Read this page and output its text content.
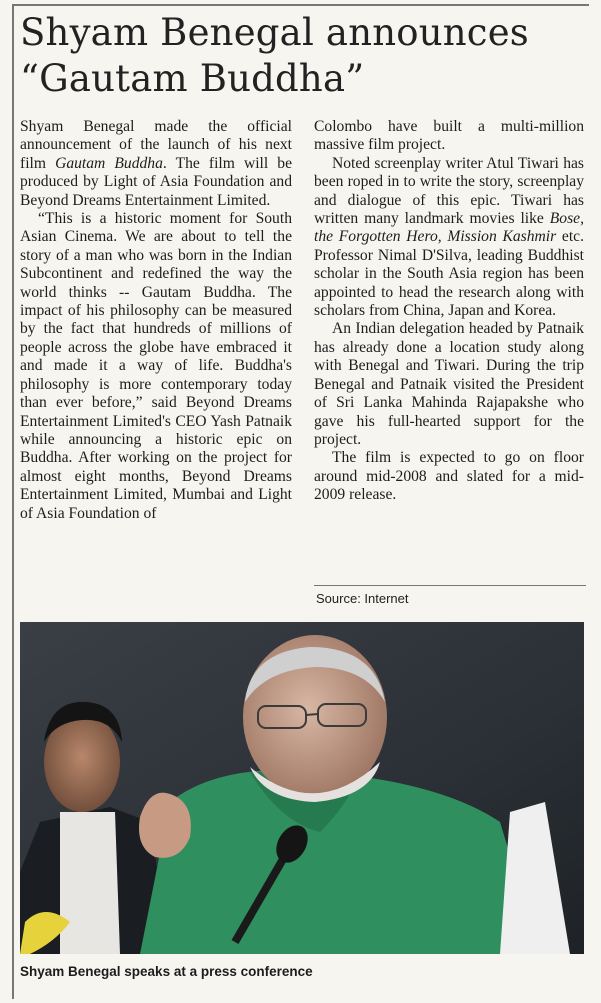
Shyam Benegal announces
“Gautam Buddha”

Shyam Benegal made the official announcement of the launch of his next film Gautam Buddha. The film will be produced by Light of Asia Foundation and Beyond Dreams Entertainment Limited.

“This is a historic moment for South Asian Cinema. We are about to tell the story of a man who was born in the Indian Subcontinent and redefined the way the world thinks -- Gautam Buddha. The impact of his philosophy can be measured by the fact that hundreds of millions of people across the globe have embraced it and made it a way of life. Buddha's philosophy is more contemporary today than ever before,” said Beyond Dreams Entertainment Limited's CEO Yash Patnaik while announcing a historic epic on Buddha. After working on the project for almost eight months, Beyond Dreams Entertainment Limited, Mumbai and Light of Asia Foundation of

Colombo have built a multi-million massive film project.

Noted screenplay writer Atul Tiwari has been roped in to write the story, screenplay and dialogue of this epic. Tiwari has written many landmark movies like Bose, the Forgotten Hero, Mission Kashmir etc. Professor Nimal D'Silva, leading Buddhist scholar in the South Asia region has been appointed to head the research along with scholars from China, Japan and Korea.

An Indian delegation headed by Patnaik has already done a location study along with Benegal and Tiwari. During the trip Benegal and Patnaik visited the President of Sri Lanka Mahinda Rajapakshe who gave his full-hearted support for the project.

The film is expected to go on floor around mid-2008 and slated for a mid-2009 release.

Source: Internet
Shyam Benegal speaks at a press conference
